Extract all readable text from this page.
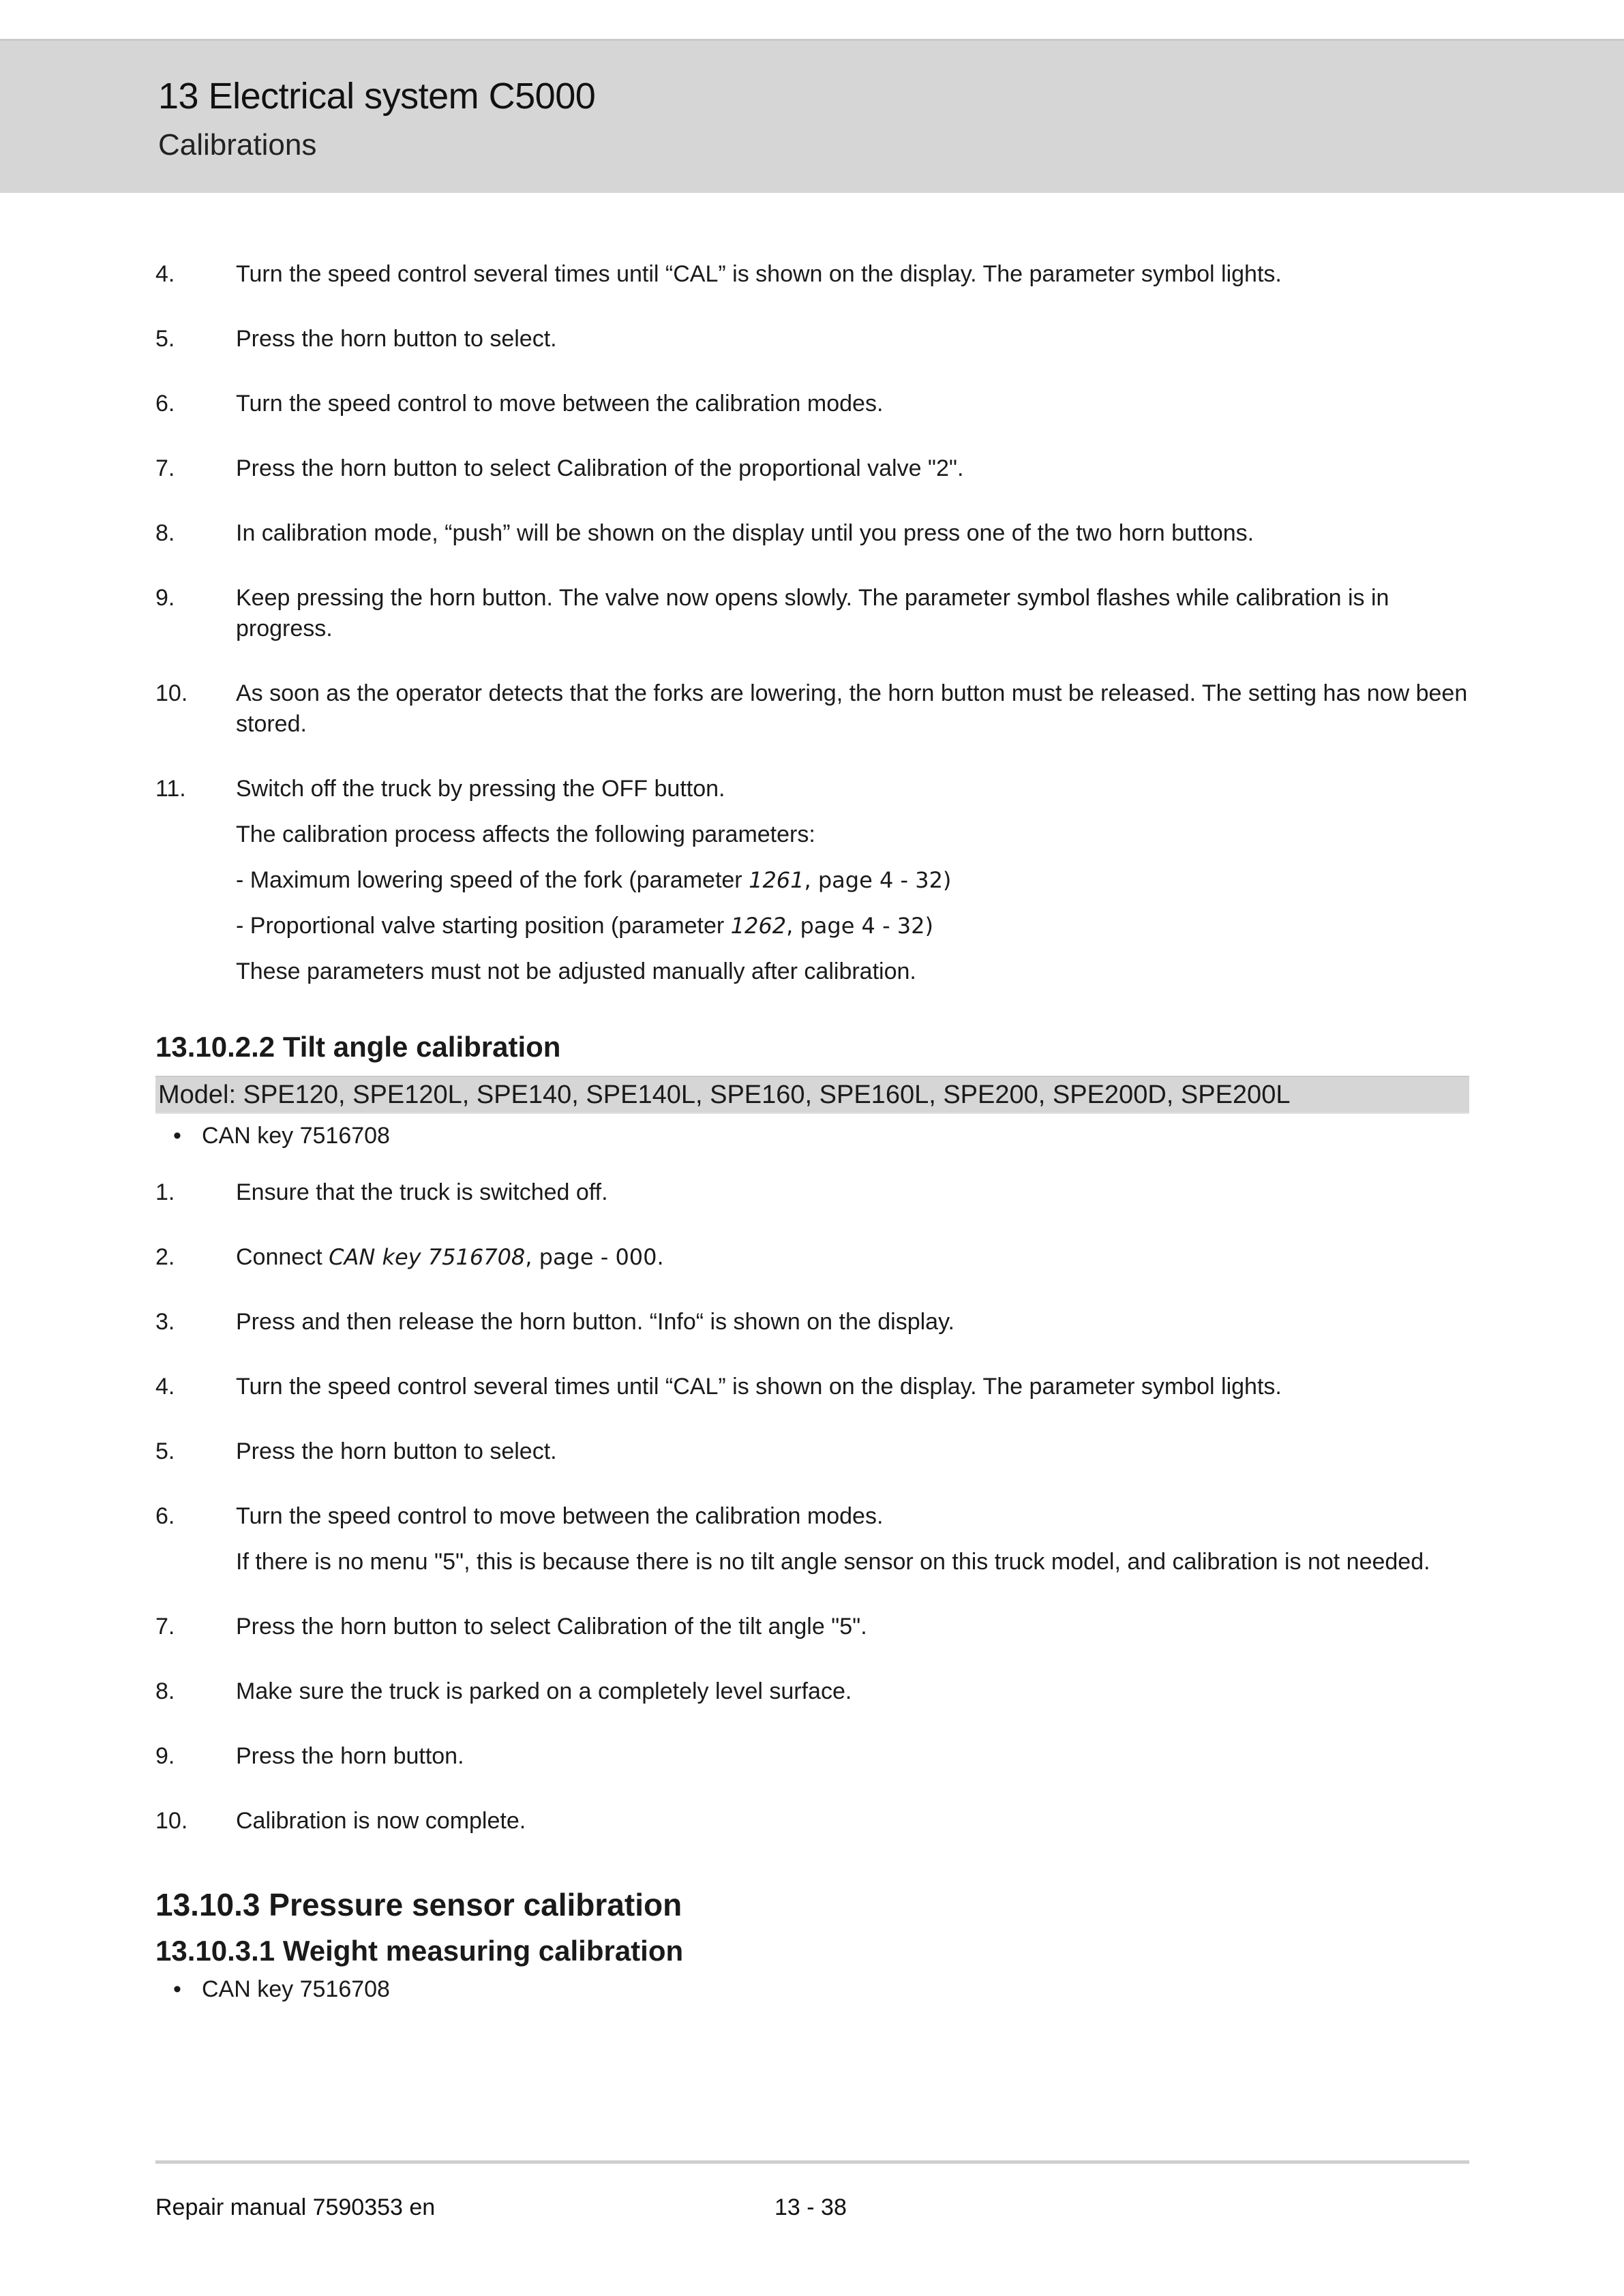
13 Electrical system C5000
Calibrations
4.	Turn the speed control several times until “CAL” is shown on the display. The parameter symbol lights.
5.	Press the horn button to select.
6.	Turn the speed control to move between the calibration modes.
7.	Press the horn button to select Calibration of the proportional valve "2".
8.	In calibration mode, “push” will be shown on the display until you press one of the two horn buttons.
9.	Keep pressing the horn button. The valve now opens slowly. The parameter symbol flashes while calibration is in progress.
10.	As soon as the operator detects that the forks are lowering, the horn button must be released. The setting has now been stored.
11.	Switch off the truck by pressing the OFF button.
The calibration process affects the following parameters:
- Maximum lowering speed of the fork (parameter 1261, page 4 - 32)
- Proportional valve starting position (parameter 1262, page 4 - 32)
These parameters must not be adjusted manually after calibration.
13.10.2.2 Tilt angle calibration
Model: SPE120, SPE120L, SPE140, SPE140L, SPE160, SPE160L, SPE200, SPE200D, SPE200L
• CAN key 7516708
1.	Ensure that the truck is switched off.
2.	Connect CAN key 7516708, page - 000.
3.	Press and then release the horn button. “Info“ is shown on the display.
4.	Turn the speed control several times until “CAL” is shown on the display. The parameter symbol lights.
5.	Press the horn button to select.
6.	Turn the speed control to move between the calibration modes.
If there is no menu "5", this is because there is no tilt angle sensor on this truck model, and calibration is not needed.
7.	Press the horn button to select Calibration of the tilt angle "5".
8.	Make sure the truck is parked on a completely level surface.
9.	Press the horn button.
10.	Calibration is now complete.
13.10.3 Pressure sensor calibration
13.10.3.1 Weight measuring calibration
• CAN key 7516708
Repair manual 7590353 en	13 - 38
